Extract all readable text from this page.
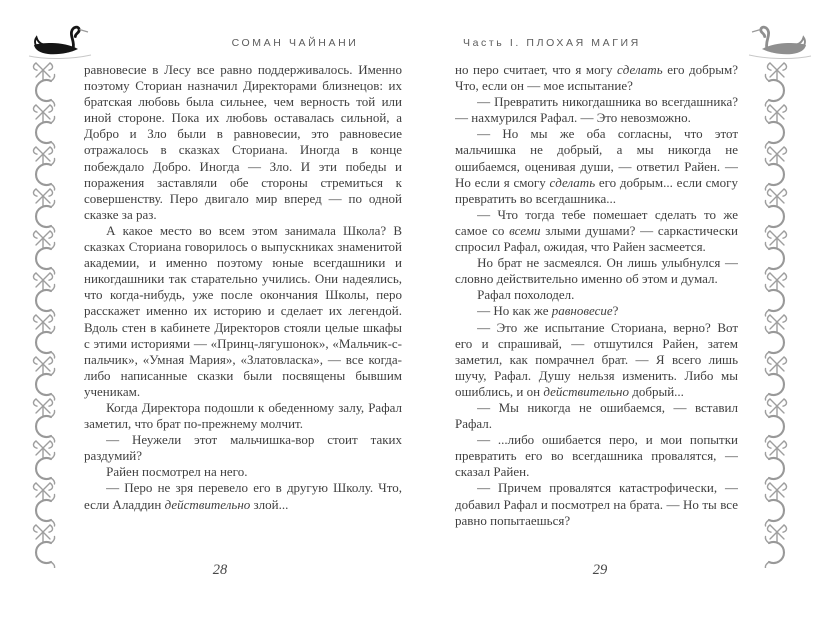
СОМАН ЧАЙНАНИ	Часть I. ПЛОХАЯ МАГИЯ

равновесие в Лесу все равно поддерживалось. Именно поэтому Сториан назначил Директорами близнецов: их братская любовь была сильнее, чем верность той или иной стороне. Пока их любовь оставалась сильной, а Добро и Зло были в равновесии, это равновесие отражалось в сказках Сториана. Иногда в конце побеждало Добро. Иногда — Зло. И эти победы и поражения заставляли обе стороны стремиться к совершенству. Перо двигало мир вперед — по одной сказке за раз.

А какое место во всем этом занимала Школа? В сказках Сториана говорилось о выпускниках знаменитой академии, и именно поэтому юные всегдашники и никогдашники так старательно учились. Они надеялись, что когда-нибудь, уже после окончания Школы, перо расскажет именно их историю и сделает их легендой. Вдоль стен в кабинете Директоров стояли целые шкафы с этими историями — «Принц-лягушонок», «Мальчик-с-пальчик», «Умная Мария», «Златовласка», — все когда-либо написанные сказки были посвящены бывшим ученикам.

Когда Директора подошли к обеденному залу, Рафал заметил, что брат по-прежнему молчит.

— Неужели этот мальчишка-вор стоит таких раздумий?

Райен посмотрел на него.

— Перо не зря перевело его в другую Школу. Что, если Аладдин действительно злой...

но перо считает, что я могу сделать его добрым? Что, если он — мое испытание?

— Превратить никогдашника во всегдашника? — нахмурился Рафал. — Это невозможно.

— Но мы же оба согласны, что этот мальчишка не добрый, а мы никогда не ошибаемся, оценивая души, — ответил Райен. — Но если я смогу сделать его добрым... если смогу превратить во всегдашника...

— Что тогда тебе помешает сделать то же самое со всеми злыми душами? — саркастически спросил Рафал, ожидая, что Райен засмеется.

Но брат не засмеялся. Он лишь улыбнулся — словно действительно именно об этом и думал.

Рафал похолодел.

— Но как же равновесие?

— Это же испытание Сториана, верно? Вот его и спрашивай, — отшутился Райен, затем заметил, как помрачнел брат. — Я всего лишь шучу, Рафал. Душу нельзя изменить. Либо мы ошиблись, и он действительно добрый...

— Мы никогда не ошибаемся, — вставил Рафал.

— ...либо ошибается перо, и мои попытки превратить его во всегдашника провалятся, — сказал Райен.

— Причем провалятся катастрофически, — добавил Рафал и посмотрел на брата. — Но ты все равно попытаешься?

28	29
